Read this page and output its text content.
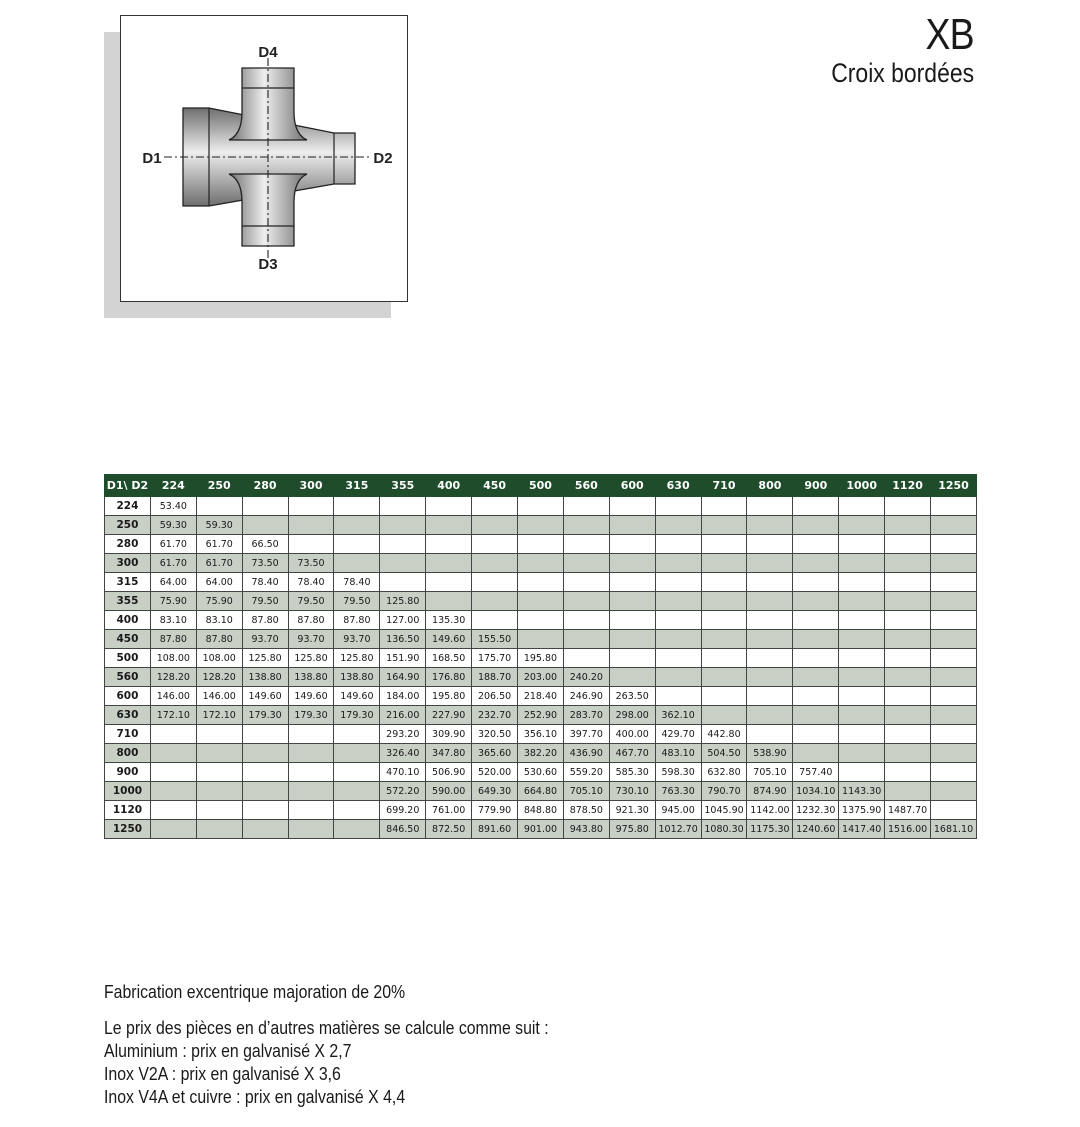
D4
D3
D1	D2
XB
Croix bordées
D1\ D2	224	250	280	300	315	355	400	450	500	560	600	630	710	800	900	1000	1120	1250
224	53.40																	
250	59.30	59.30																
280	61.70	61.70	66.50															
300	61.70	61.70	73.50	73.50														
315	64.00	64.00	78.40	78.40	78.40													
355	75.90	75.90	79.50	79.50	79.50	125.80												
400	83.10	83.10	87.80	87.80	87.80	127.00	135.30											
450	87.80	87.80	93.70	93.70	93.70	136.50	149.60	155.50										
500	108.00	108.00	125.80	125.80	125.80	151.90	168.50	175.70	195.80									
560	128.20	128.20	138.80	138.80	138.80	164.90	176.80	188.70	203.00	240.20								
600	146.00	146.00	149.60	149.60	149.60	184.00	195.80	206.50	218.40	246.90	263.50							
630	172.10	172.10	179.30	179.30	179.30	216.00	227.90	232.70	252.90	283.70	298.00	362.10						
710						293.20	309.90	320.50	356.10	397.70	400.00	429.70	442.80					
800						326.40	347.80	365.60	382.20	436.90	467.70	483.10	504.50	538.90				
900						470.10	506.90	520.00	530.60	559.20	585.30	598.30	632.80	705.10	757.40			
1000						572.20	590.00	649.30	664.80	705.10	730.10	763.30	790.70	874.90	1034.10	1143.30		
1120						699.20	761.00	779.90	848.80	878.50	921.30	945.00	1045.90	1142.00	1232.30	1375.90	1487.70	
1250						846.50	872.50	891.60	901.00	943.80	975.80	1012.70	1080.30	1175.30	1240.60	1417.40	1516.00	1681.10
Fabrication excentrique majoration de 20%
Le prix des pièces en d’autres matières se calcule comme suit :
Aluminium : prix en galvanisé X 2,7
Inox V2A : prix en galvanisé X 3,6
Inox V4A et cuivre : prix en galvanisé X 4,4
